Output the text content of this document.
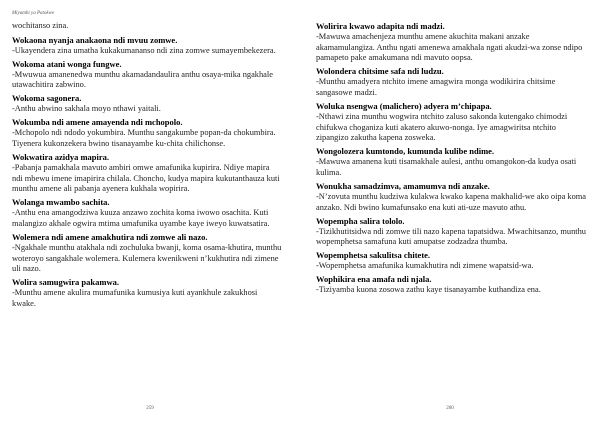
Miyambi ya Patokwe
wochitanso zina.
Wokaona nyanja anakaona ndi mvuu zomwe.
-Ukayendera zina umatha kukakumananso ndi zina zomwe sumayembekezera.
Wokoma atani wonga fungwe.
-Mwuwua amanenedwa munthu akamadandaulira anthu osaya-mika ngakhale utawachitira zabwino.
Wokoma sagonera.
-Anthu abwino sakhala moyo nthawi yaitali.
Wokumba ndi amene amayenda ndi mchopolo.
-Mchopolo ndi ndodo yokumbira. Munthu sangakumbe popan-da chokumbira. Tiyenera kukonzekera bwino tisanayambe ku-chita chilichonse.
Wokwatira azidya mapira.
-Pabanja pamakhala mavuto ambiri omwe amafunika kupirira. Ndiye mapira ndi mbewu imene imapirira chilala. Choncho, kudya mapira kukutanthauza kuti munthu amene ali pabanja ayenera kukhala wopirira.
Wolanga mwambo sachita.
-Anthu ena amangodziwa kuuza anzawo zochita koma iwowo osachita. Kuti malangizo akhale ogwira mtima umafunika uyambe kaye iweyo kuwatsatira.
Wolemera ndi amene amakhutira ndi zomwe ali nazo.
-Ngakhale munthu atakhala ndi zochuluka bwanji, koma osama-khutira, munthu woteroyo sangakhale wolemera. Kulemera kwenikweni n’kukhutira ndi zimene uli nazo.
Wolira samugwira pakamwa.
-Munthu amene akulira mumafunika kumusiya kuti ayankhule zakukhosi kwake.
259
Wolirira kwawo adapita ndi madzi.
-Mawuwa amachenjeza munthu amene akuchita makani anzake akamamulangiza. Anthu ngati amenewa amakhala ngati akudzi-wa zonse ndipo pamapeto pake amakumana ndi mavuto oopsa.
Wolondera chitsime safa ndi ludzu.
-Munthu amadyera ntchito imene amagwira monga wodikirira chitsime sangasowe madzi.
Woluka nsengwa (malichero) adyera m’chipapa.
-Nthawi zina munthu wogwira ntchito zaluso sakonda kutengako chimodzi chifukwa choganiza kuti akatero akuwo-nonga. Iye amagwiritsa ntchito zipangizo zakutha kapena zosweka.
Wongolozera kumtondo, kumunda kulibe ndime.
-Mawuwa amanena kuti tisamakhale aulesi, anthu omangokon-da kudya osati kulima.
Wonukha samadzimva, amamumva ndi anzake.
-N’zovuta munthu kudziwa kulakwa kwako kapena makhalid-we ako oipa koma anzako. Ndi bwino kumafunsako ena kuti ati-uze mavuto athu.
Wopempha salira tololo.
-Tizikhutitsidwa ndi zomwe tili nazo kapena tapatsidwa. Mwachitsanzo, munthu wopemphetsa samafuna kuti amupatse zodzadza thumba.
Wopemphetsa sakulitsa chitete.
-Wopemphetsa amafunika kumakhutira ndi zimene wapatsid-wa.
Wophikira ena amafa ndi njala.
-Tiziyamba kuona zosowa zathu kaye tisanayambe kuthandiza ena.
260
